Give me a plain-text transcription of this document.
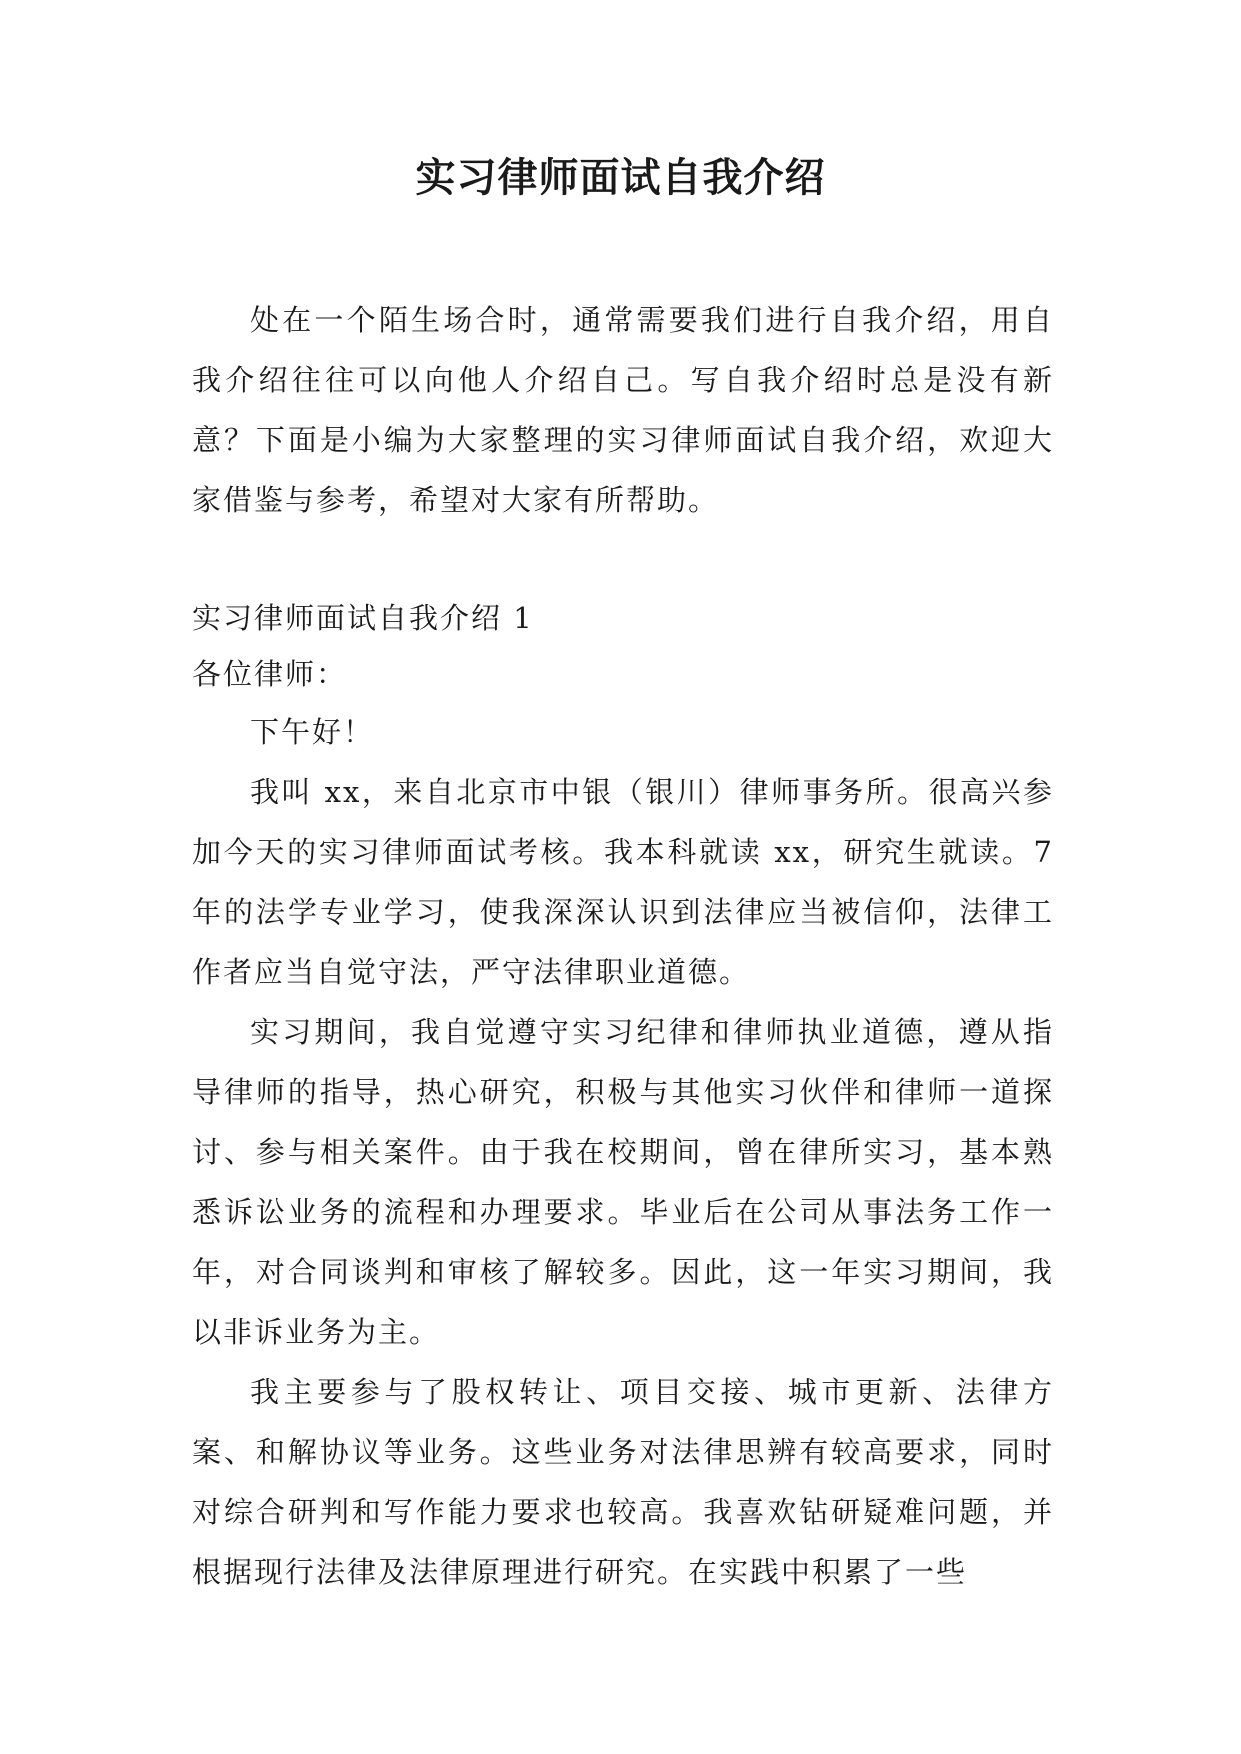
实习律师面试自我介绍

处在一个陌生场合时，通常需要我们进行自我介绍，用自我介绍往往可以向他人介绍自己。写自我介绍时总是没有新意？下面是小编为大家整理的实习律师面试自我介绍，欢迎大家借鉴与参考，希望对大家有所帮助。

实习律师面试自我介绍 1

各位律师：

下午好！

我叫 xx，来自北京市中银（银川）律师事务所。很高兴参加今天的实习律师面试考核。我本科就读 xx，研究生就读。7 年的法学专业学习，使我深深认识到法律应当被信仰，法律工作者应当自觉守法，严守法律职业道德。

实习期间，我自觉遵守实习纪律和律师执业道德，遵从指导律师的指导，热心研究，积极与其他实习伙伴和律师一道探讨、参与相关案件。由于我在校期间，曾在律所实习，基本熟悉诉讼业务的流程和办理要求。毕业后在公司从事法务工作一年，对合同谈判和审核了解较多。因此，这一年实习期间，我以非诉业务为主。

我主要参与了股权转让、项目交接、城市更新、法律方案、和解协议等业务。这些业务对法律思辨有较高要求，同时对综合研判和写作能力要求也较高。我喜欢钻研疑难问题，并根据现行法律及法律原理进行研究。在实践中积累了一些
